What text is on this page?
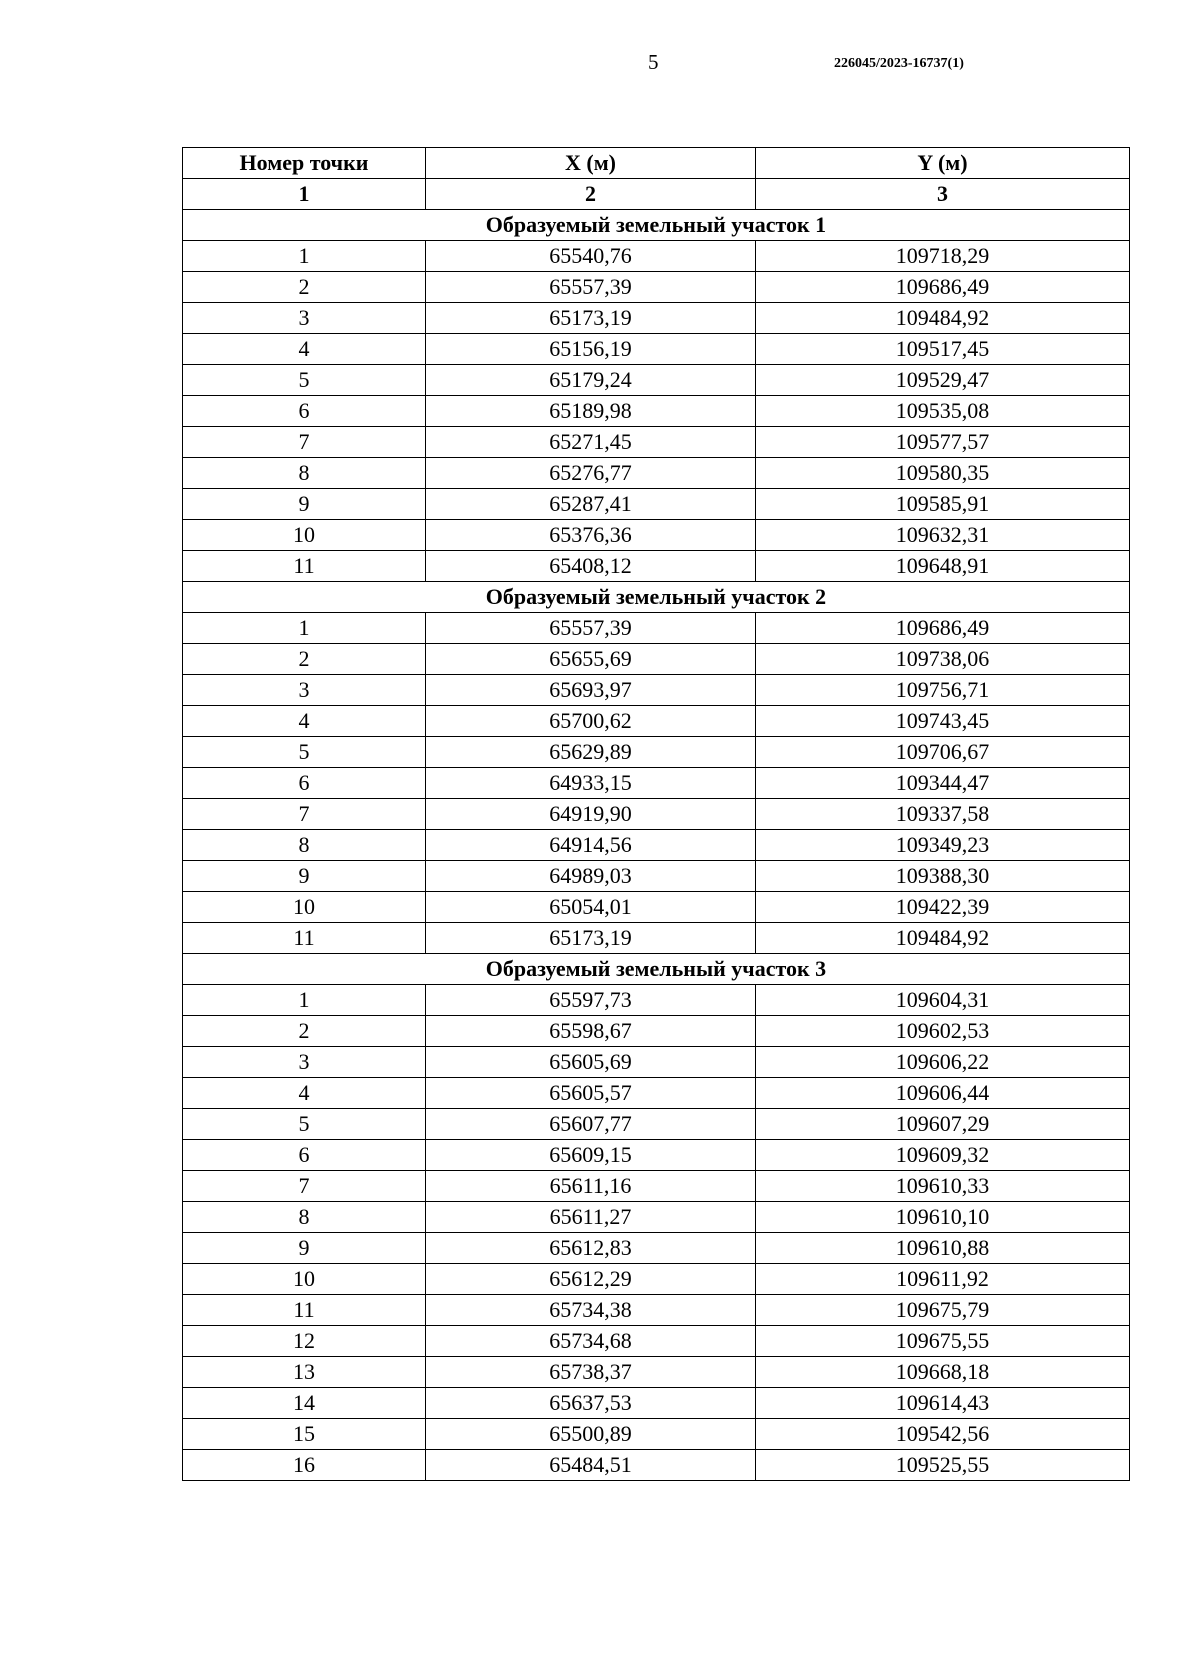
5	226045/2023-16737(1)
Номер точки	X (м)	Y (м)
1	2	3
Образуемый земельный участок 1		
1	65540,76	109718,29
2	65557,39	109686,49
3	65173,19	109484,92
4	65156,19	109517,45
5	65179,24	109529,47
6	65189,98	109535,08
7	65271,45	109577,57
8	65276,77	109580,35
9	65287,41	109585,91
10	65376,36	109632,31
11	65408,12	109648,91
Образуемый земельный участок 2		
1	65557,39	109686,49
2	65655,69	109738,06
3	65693,97	109756,71
4	65700,62	109743,45
5	65629,89	109706,67
6	64933,15	109344,47
7	64919,90	109337,58
8	64914,56	109349,23
9	64989,03	109388,30
10	65054,01	109422,39
11	65173,19	109484,92
Образуемый земельный участок 3		
1	65597,73	109604,31
2	65598,67	109602,53
3	65605,69	109606,22
4	65605,57	109606,44
5	65607,77	109607,29
6	65609,15	109609,32
7	65611,16	109610,33
8	65611,27	109610,10
9	65612,83	109610,88
10	65612,29	109611,92
11	65734,38	109675,79
12	65734,68	109675,55
13	65738,37	109668,18
14	65637,53	109614,43
15	65500,89	109542,56
16	65484,51	109525,55
